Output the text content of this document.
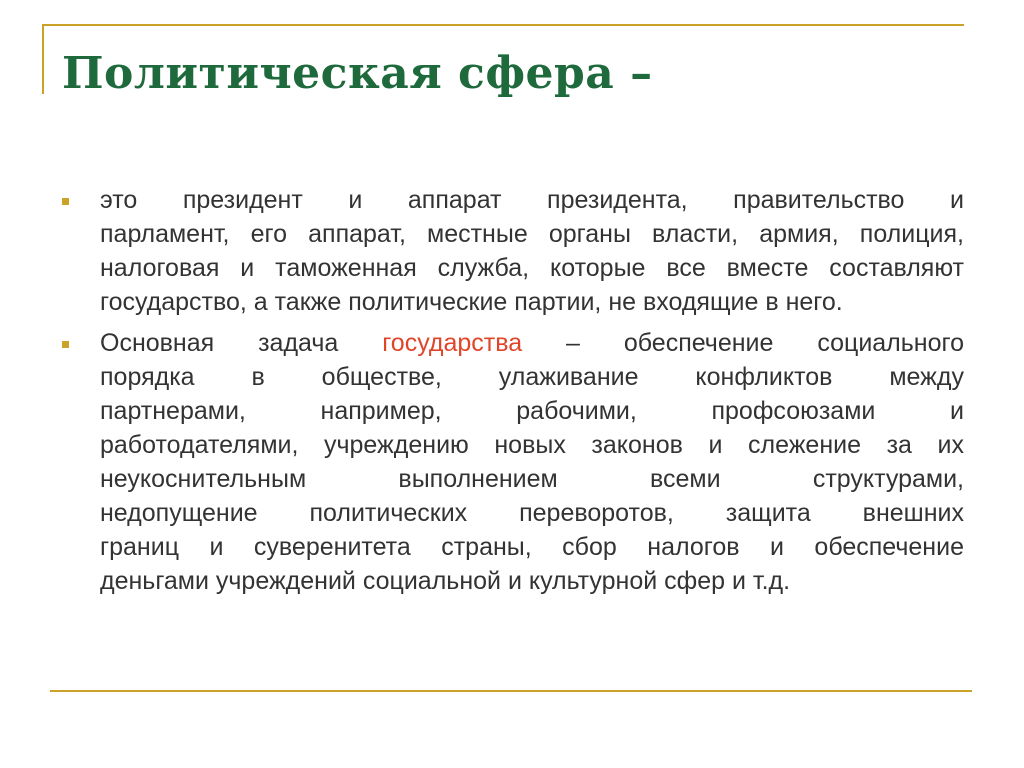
Политическая сфера –
это президент и аппарат президента, правительство и
парламент, его аппарат, местные органы власти, армия, полиция,
налоговая и таможенная служба, которые все вместе составляют
государство, а также политические партии, не входящие в него.
Основная задача государства – обеспечение социального
порядка в обществе, улаживание конфликтов между
партнерами, например, рабочими, профсоюзами и
работодателями, учреждению новых законов и слежение за их
неукоснительным выполнением всеми структурами,
недопущение политических переворотов, защита внешних
границ и суверенитета страны, сбор налогов и обеспечение
деньгами учреждений социальной и культурной сфер и т.д.
